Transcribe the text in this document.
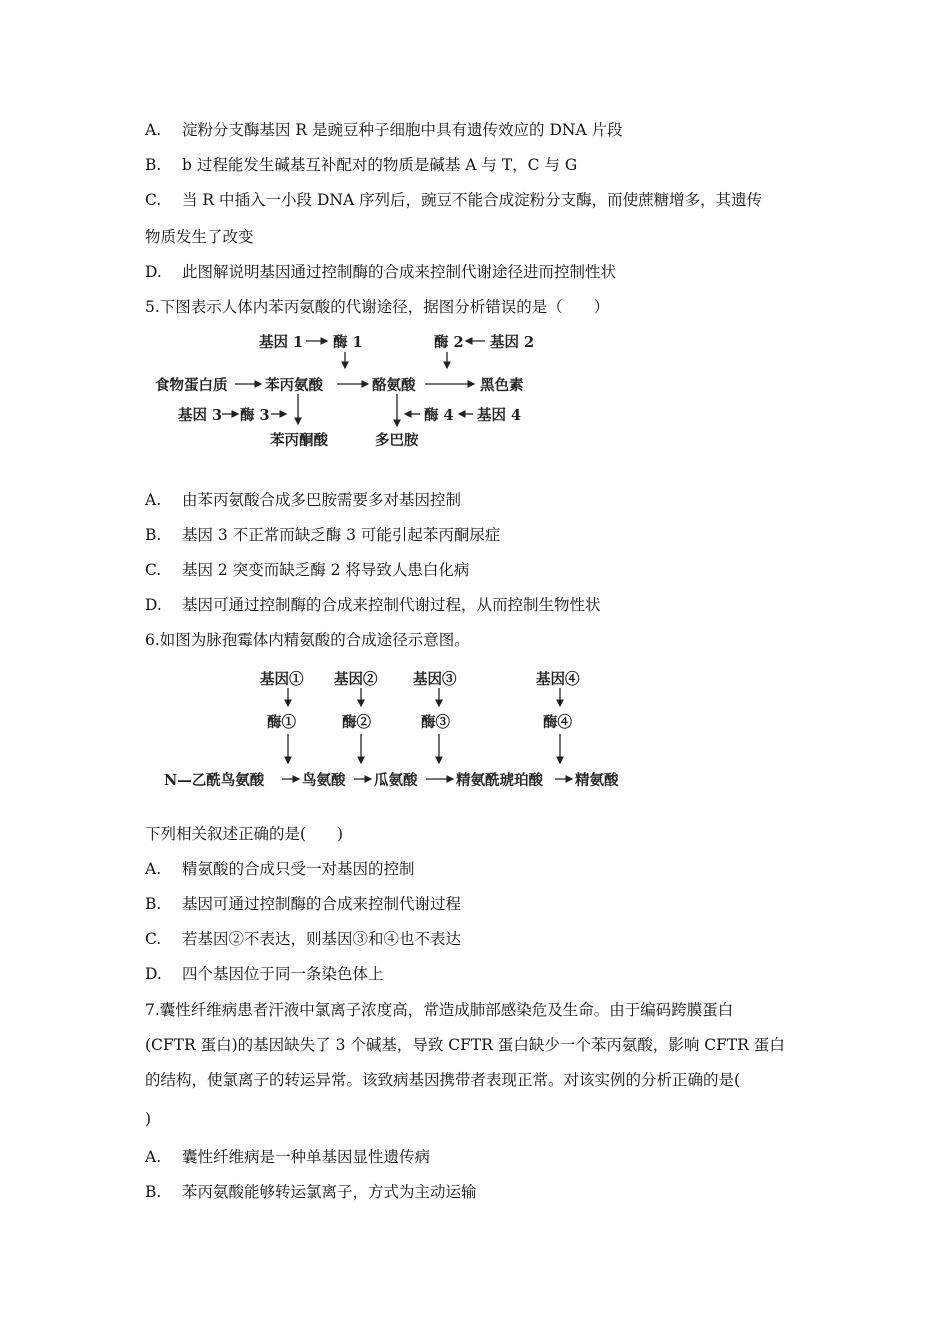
A. 淀粉分支酶基因 R 是豌豆种子细胞中具有遗传效应的 DNA 片段
B. b 过程能发生碱基互补配对的物质是碱基 A 与 T，C 与 G
C. 当 R 中插入一小段 DNA 序列后，豌豆不能合成淀粉分支酶，而使蔗糖增多，其遗传
物质发生了改变
D. 此图解说明基因通过控制酶的合成来控制代谢途径进而控制性状
5.下图表示人体内苯丙氨酸的代谢途径，据图分析错误的是（　　）
基因 1 酶 1	酶 2 基因 2
食物蛋白质	苯丙氨酸	酪氨酸	黑色素
基因 3 酶 3	酶 4 基因 4
苯丙酮酸	多巴胺
A. 由苯丙氨酸合成多巴胺需要多对基因控制
B. 基因 3 不正常而缺乏酶 3 可能引起苯丙酮尿症
C. 基因 2 突变而缺乏酶 2 将导致人患白化病
D. 基因可通过控制酶的合成来控制代谢过程，从而控制生物性状
6.如图为脉孢霉体内精氨酸的合成途径示意图。
基因① 基因② 基因③	基因④
酶①	酶②	酶③	酶④
N—乙酰鸟氨酸	鸟氨酸 瓜氨酸	精氨酰琥珀酸 精氨酸
下列相关叙述正确的是(　　)
A. 精氨酸的合成只受一对基因的控制
B. 基因可通过控制酶的合成来控制代谢过程
C. 若基因②不表达，则基因③和④也不表达
D. 四个基因位于同一条染色体上
7.囊性纤维病患者汗液中氯离子浓度高，常造成肺部感染危及生命。由于编码跨膜蛋白
(CFTR 蛋白)的基因缺失了 3 个碱基，导致 CFTR 蛋白缺少一个苯丙氨酸，影响 CFTR 蛋白
的结构，使氯离子的转运异常。该致病基因携带者表现正常。对该实例的分析正确的是(
)
A. 囊性纤维病是一种单基因显性遗传病
B. 苯丙氨酸能够转运氯离子，方式为主动运输
